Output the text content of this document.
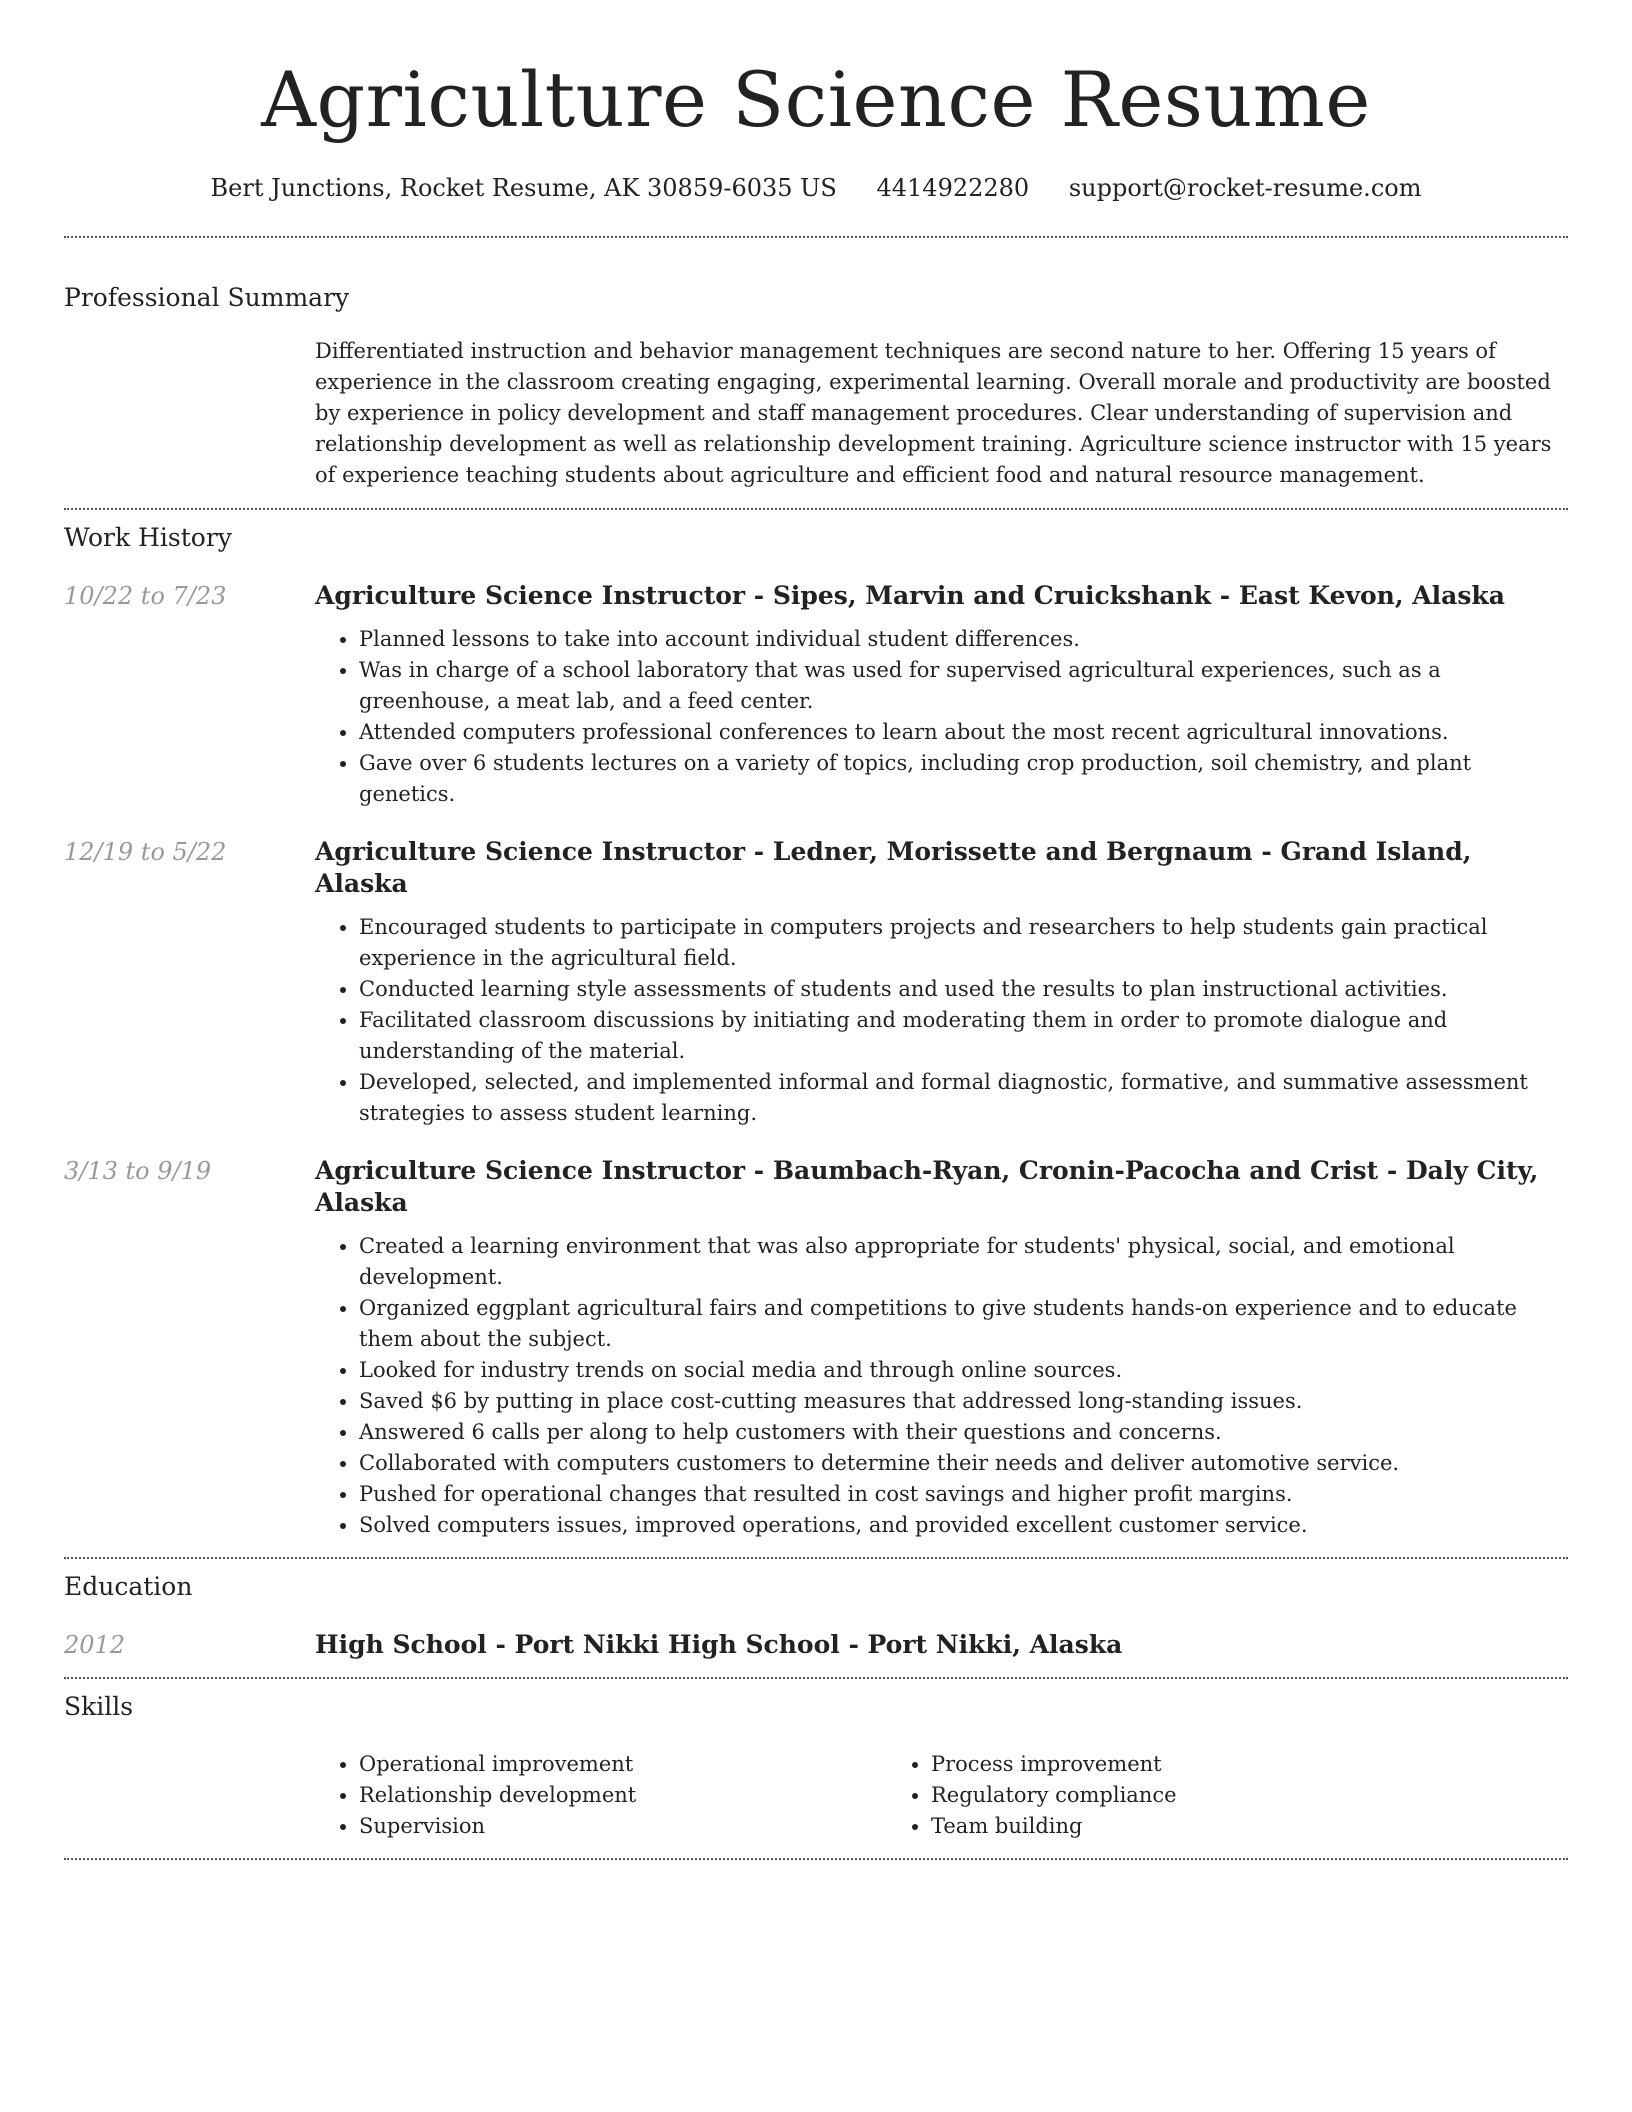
Agriculture Science Resume
Bert Junctions, Rocket Resume, AK 30859-6035 US 4414922280 support@rocket-resume.com
Professional Summary

Differentiated instruction and behavior management techniques are second nature to her. Offering 15 years of experience in the classroom creating engaging, experimental learning. Overall morale and productivity are boosted by experience in policy development and staff management procedures. Clear understanding of supervision and relationship development as well as relationship development training. Agriculture science instructor with 15 years of experience teaching students about agriculture and efficient food and natural resource management.

Work History
10/22 to 7/23	Agriculture Science Instructor - Sipes, Marvin and Cruickshank - East Kevon, Alaska
• Planned lessons to take into account individual student differences.
• Was in charge of a school laboratory that was used for supervised agricultural experiences, such as a greenhouse, a meat lab, and a feed center.
• Attended computers professional conferences to learn about the most recent agricultural innovations.
• Gave over 6 students lectures on a variety of topics, including crop production, soil chemistry, and plant genetics.
12/19 to 5/22	Agriculture Science Instructor - Ledner, Morissette and Bergnaum - Grand Island, Alaska
• Encouraged students to participate in computers projects and researchers to help students gain practical experience in the agricultural field.
• Conducted learning style assessments of students and used the results to plan instructional activities.
• Facilitated classroom discussions by initiating and moderating them in order to promote dialogue and understanding of the material.
• Developed, selected, and implemented informal and formal diagnostic, formative, and summative assessment strategies to assess student learning.
3/13 to 9/19	Agriculture Science Instructor - Baumbach-Ryan, Cronin-Pacocha and Crist - Daly City, Alaska
• Created a learning environment that was also appropriate for students' physical, social, and emotional development.
• Organized eggplant agricultural fairs and competitions to give students hands-on experience and to educate them about the subject.
• Looked for industry trends on social media and through online sources.
• Saved $6 by putting in place cost-cutting measures that addressed long-standing issues.
• Answered 6 calls per along to help customers with their questions and concerns.
• Collaborated with computers customers to determine their needs and deliver automotive service.
• Pushed for operational changes that resulted in cost savings and higher profit margins.
• Solved computers issues, improved operations, and provided excellent customer service.
Education
2012	High School - Port Nikki High School - Port Nikki, Alaska
Skills
• Operational improvement
• Relationship development
• Supervision
• Process improvement
• Regulatory compliance
• Team building
